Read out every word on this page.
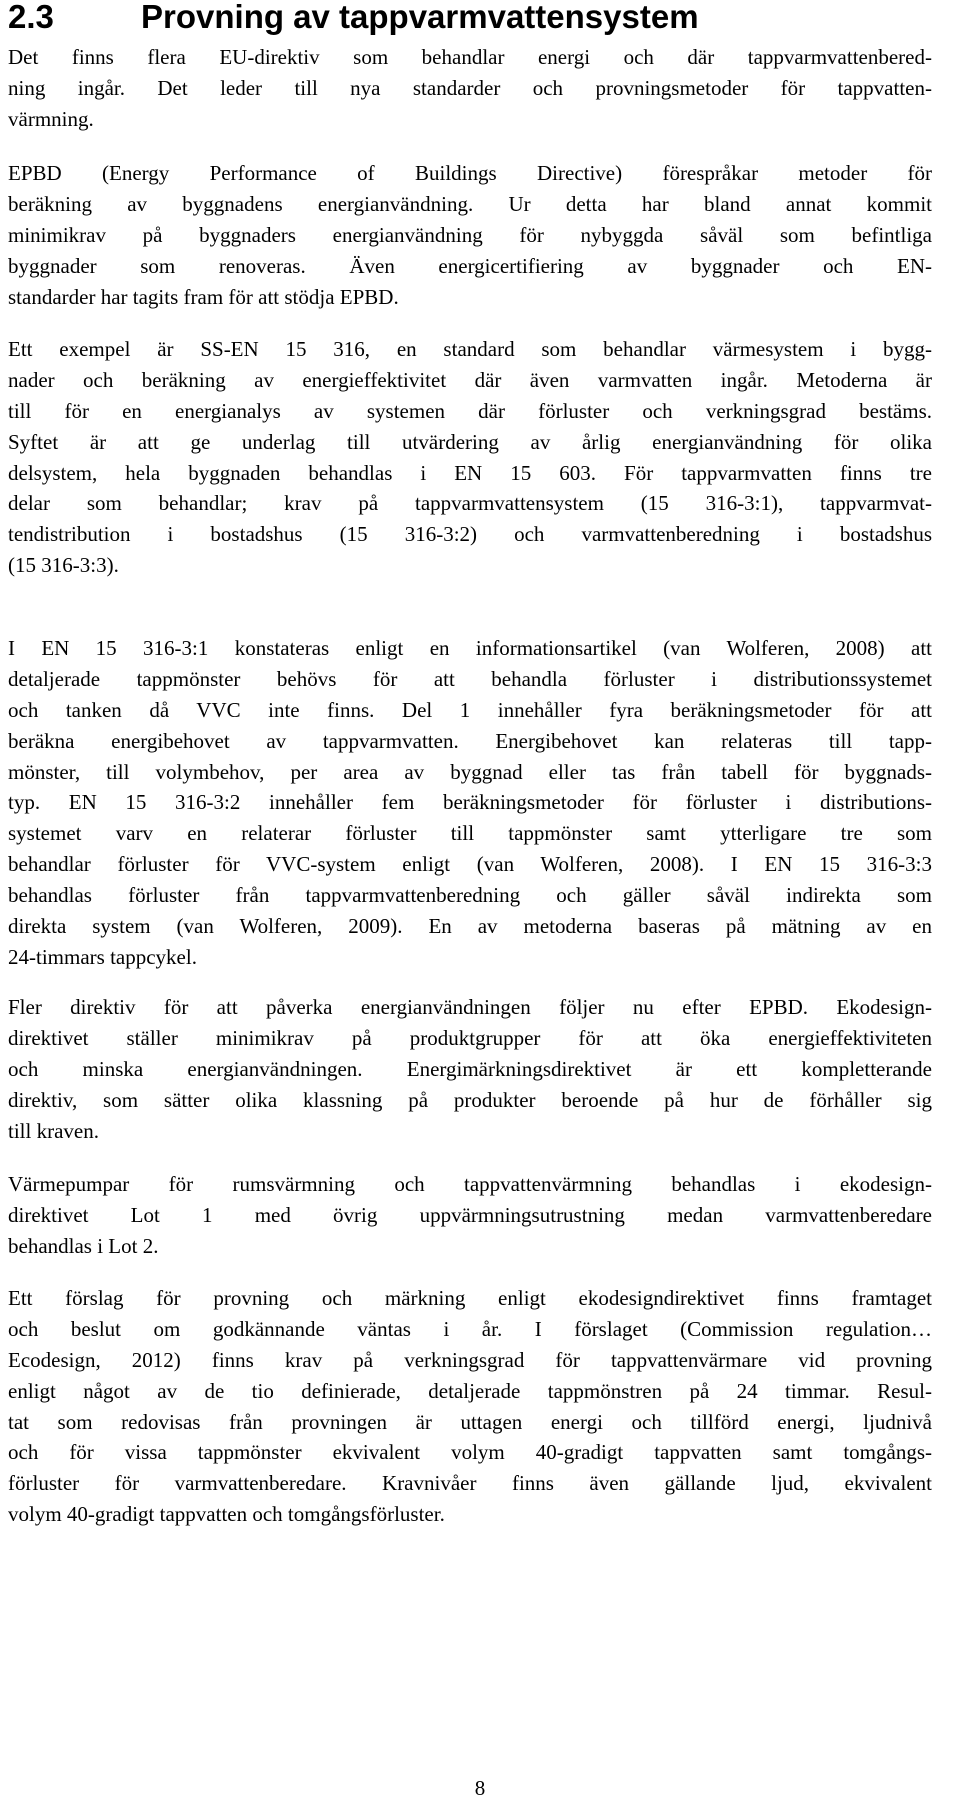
2.3	Provning av tappvarmvattensystem
Det finns flera EU-direktiv som behandlar energi och där tappvarmvattenbered-
ning ingår. Det leder till nya standarder och provningsmetoder för tappvatten-
värmning.
EPBD (Energy Performance of Buildings Directive) förespråkar metoder för
beräkning av byggnadens energianvändning. Ur detta har bland annat kommit
minimikrav på byggnaders energianvändning för nybyggda såväl som befintliga
byggnader som renoveras. Även energicertifiering av byggnader och EN-
standarder har tagits fram för att stödja EPBD.
Ett exempel är SS-EN 15 316, en standard som behandlar värmesystem i bygg-
nader och beräkning av energieffektivitet där även varmvatten ingår. Metoderna är
till för en energianalys av systemen där förluster och verkningsgrad bestäms.
Syftet är att ge underlag till utvärdering av årlig energianvändning för olika
delsystem, hela byggnaden behandlas i EN 15 603. För tappvarmvatten finns tre
delar som behandlar; krav på tappvarmvattensystem (15 316-3:1), tappvarmvat-
tendistribution i bostadshus (15 316-3:2) och varmvattenberedning i bostadshus
(15 316-3:3).
I EN 15 316-3:1 konstateras enligt en informationsartikel (van Wolferen, 2008) att
detaljerade tappmönster behövs för att behandla förluster i distributionssystemet
och tanken då VVC inte finns. Del 1 innehåller fyra beräkningsmetoder för att
beräkna energibehovet av tappvarmvatten. Energibehovet kan relateras till tapp-
mönster, till volymbehov, per area av byggnad eller tas från tabell för byggnads-
typ. EN 15 316-3:2 innehåller fem beräkningsmetoder för förluster i distributions-
systemet varv en relaterar förluster till tappmönster samt ytterligare tre som
behandlar förluster för VVC-system enligt (van Wolferen, 2008). I EN 15 316-3:3
behandlas förluster från tappvarmvattenberedning och gäller såväl indirekta som
direkta system (van Wolferen, 2009). En av metoderna baseras på mätning av en
24-timmars tappcykel.
Fler direktiv för att påverka energianvändningen följer nu efter EPBD. Ekodesign-
direktivet ställer minimikrav på produktgrupper för att öka energieffektiviteten
och minska energianvändningen. Energimärkningsdirektivet är ett kompletterande
direktiv, som sätter olika klassning på produkter beroende på hur de förhåller sig
till kraven.
Värmepumpar för rumsvärmning och tappvattenvärmning behandlas i ekodesign-
direktivet Lot 1 med övrig uppvärmningsutrustning medan varmvattenberedare
behandlas i Lot 2.
Ett förslag för provning och märkning enligt ekodesigndirektivet finns framtaget
och beslut om godkännande väntas i år. I förslaget (Commission regulation…
Ecodesign, 2012) finns krav på verkningsgrad för tappvattenvärmare vid provning
enligt något av de tio definierade, detaljerade tappmönstren på 24 timmar. Resul-
tat som redovisas från provningen är uttagen energi och tillförd energi, ljudnivå
och för vissa tappmönster ekvivalent volym 40-gradigt tappvatten samt tomgångs-
förluster för varmvattenberedare. Kravnivåer finns även gällande ljud, ekvivalent
volym 40-gradigt tappvatten och tomgångsförluster.
8
